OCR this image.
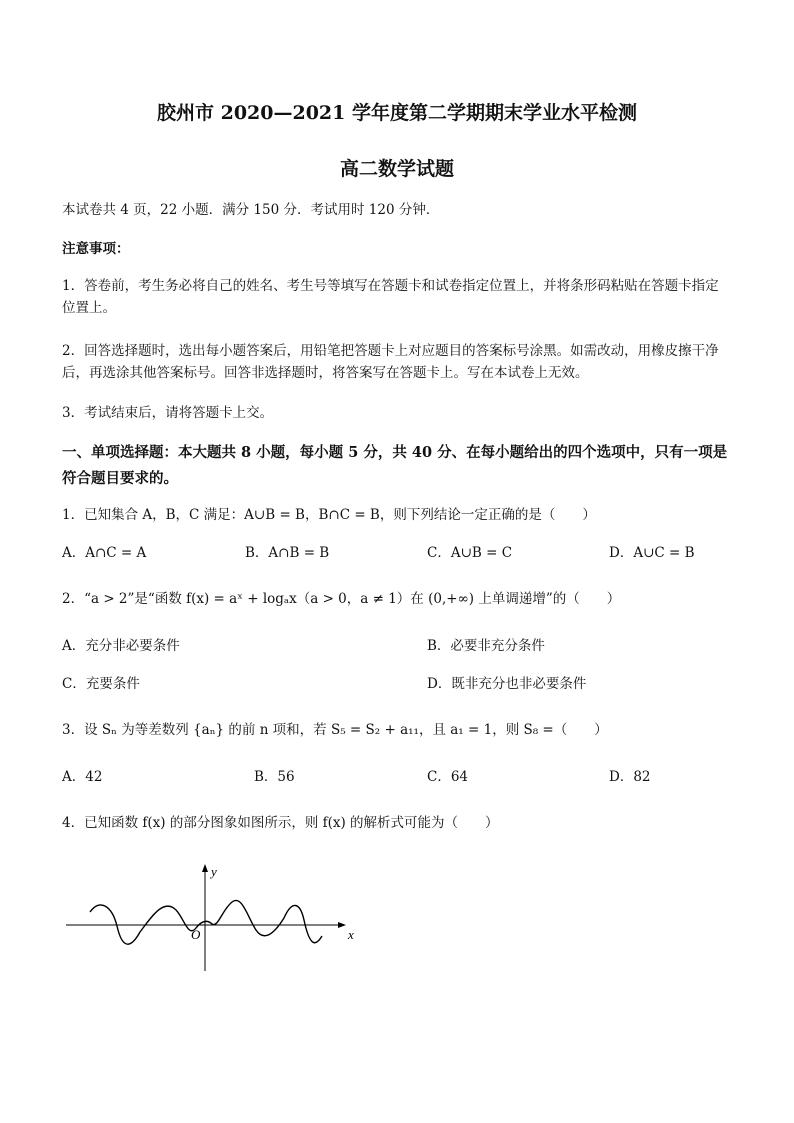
胶州市 2020—2021 学年度第二学期期末学业水平检测
高二数学试题
本试卷共 4 页，22 小题．满分 150 分．考试用时 120 分钟．
注意事项：
1．答卷前，考生务必将自己的姓名、考生号等填写在答题卡和试卷指定位置上，并将条形码粘贴在答题卡指定位置上。
2．回答选择题时，选出每小题答案后，用铅笔把答题卡上对应题目的答案标号涂黑。如需改动，用橡皮擦干净后，再选涂其他答案标号。回答非选择题时，将答案写在答题卡上。写在本试卷上无效。
3．考试结束后，请将答题卡上交。
一、单项选择题：本大题共 8 小题，每小题 5 分，共 40 分、在每小题给出的四个选项中，只有一项是符合题目要求的。
1．已知集合 A，B，C 满足：A∪B = B，B∩C = B，则下列结论一定正确的是（　　）
A．A∩C = A	B．A∩B = B	C．A∪B = C	D．A∪C = B
2．“a > 2”是“函数 f(x) = aˣ + logₐx（a > 0，a ≠ 1）在 (0,+∞) 上单调递增”的（　　）
A．充分非必要条件	B．必要非充分条件
C．充要条件	D．既非充分也非必要条件
3．设 Sₙ 为等差数列 {aₙ} 的前 n 项和，若 S₅ = S₂ + a₁₁，且 a₁ = 1，则 S₈ =（　　）
A．42	B．56	C．64	D．82
4．已知函数 f(x) 的部分图象如图所示，则 f(x) 的解析式可能为（　　）
x
y
O
